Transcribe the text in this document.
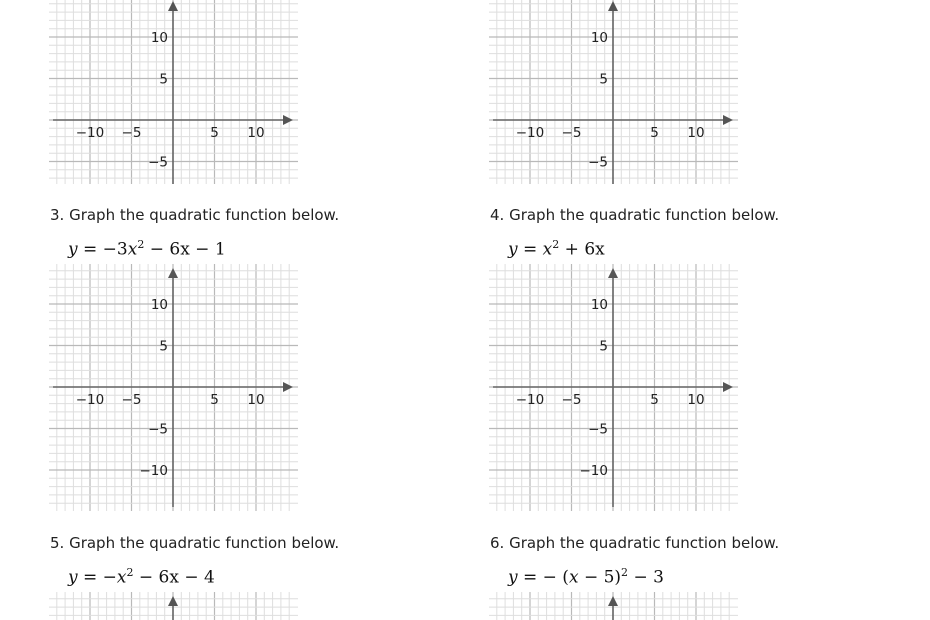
−10 −5	5 10
10
5
−5
−10 −5	5 10
10
5
−5
3. Graph the quadratic function below.
$y = -3x^2 - 6x - 1$
−10 −5	5 10
10
5
−5
−10
4. Graph the quadratic function below.
$y = x^2 + 6x$
−10 −5	5 10
10
5
−5
−10
5. Graph the quadratic function below.
$y = -x^2 - 6x - 4$
6. Graph the quadratic function below.
y = − $(x - 5)^2 - 3$
